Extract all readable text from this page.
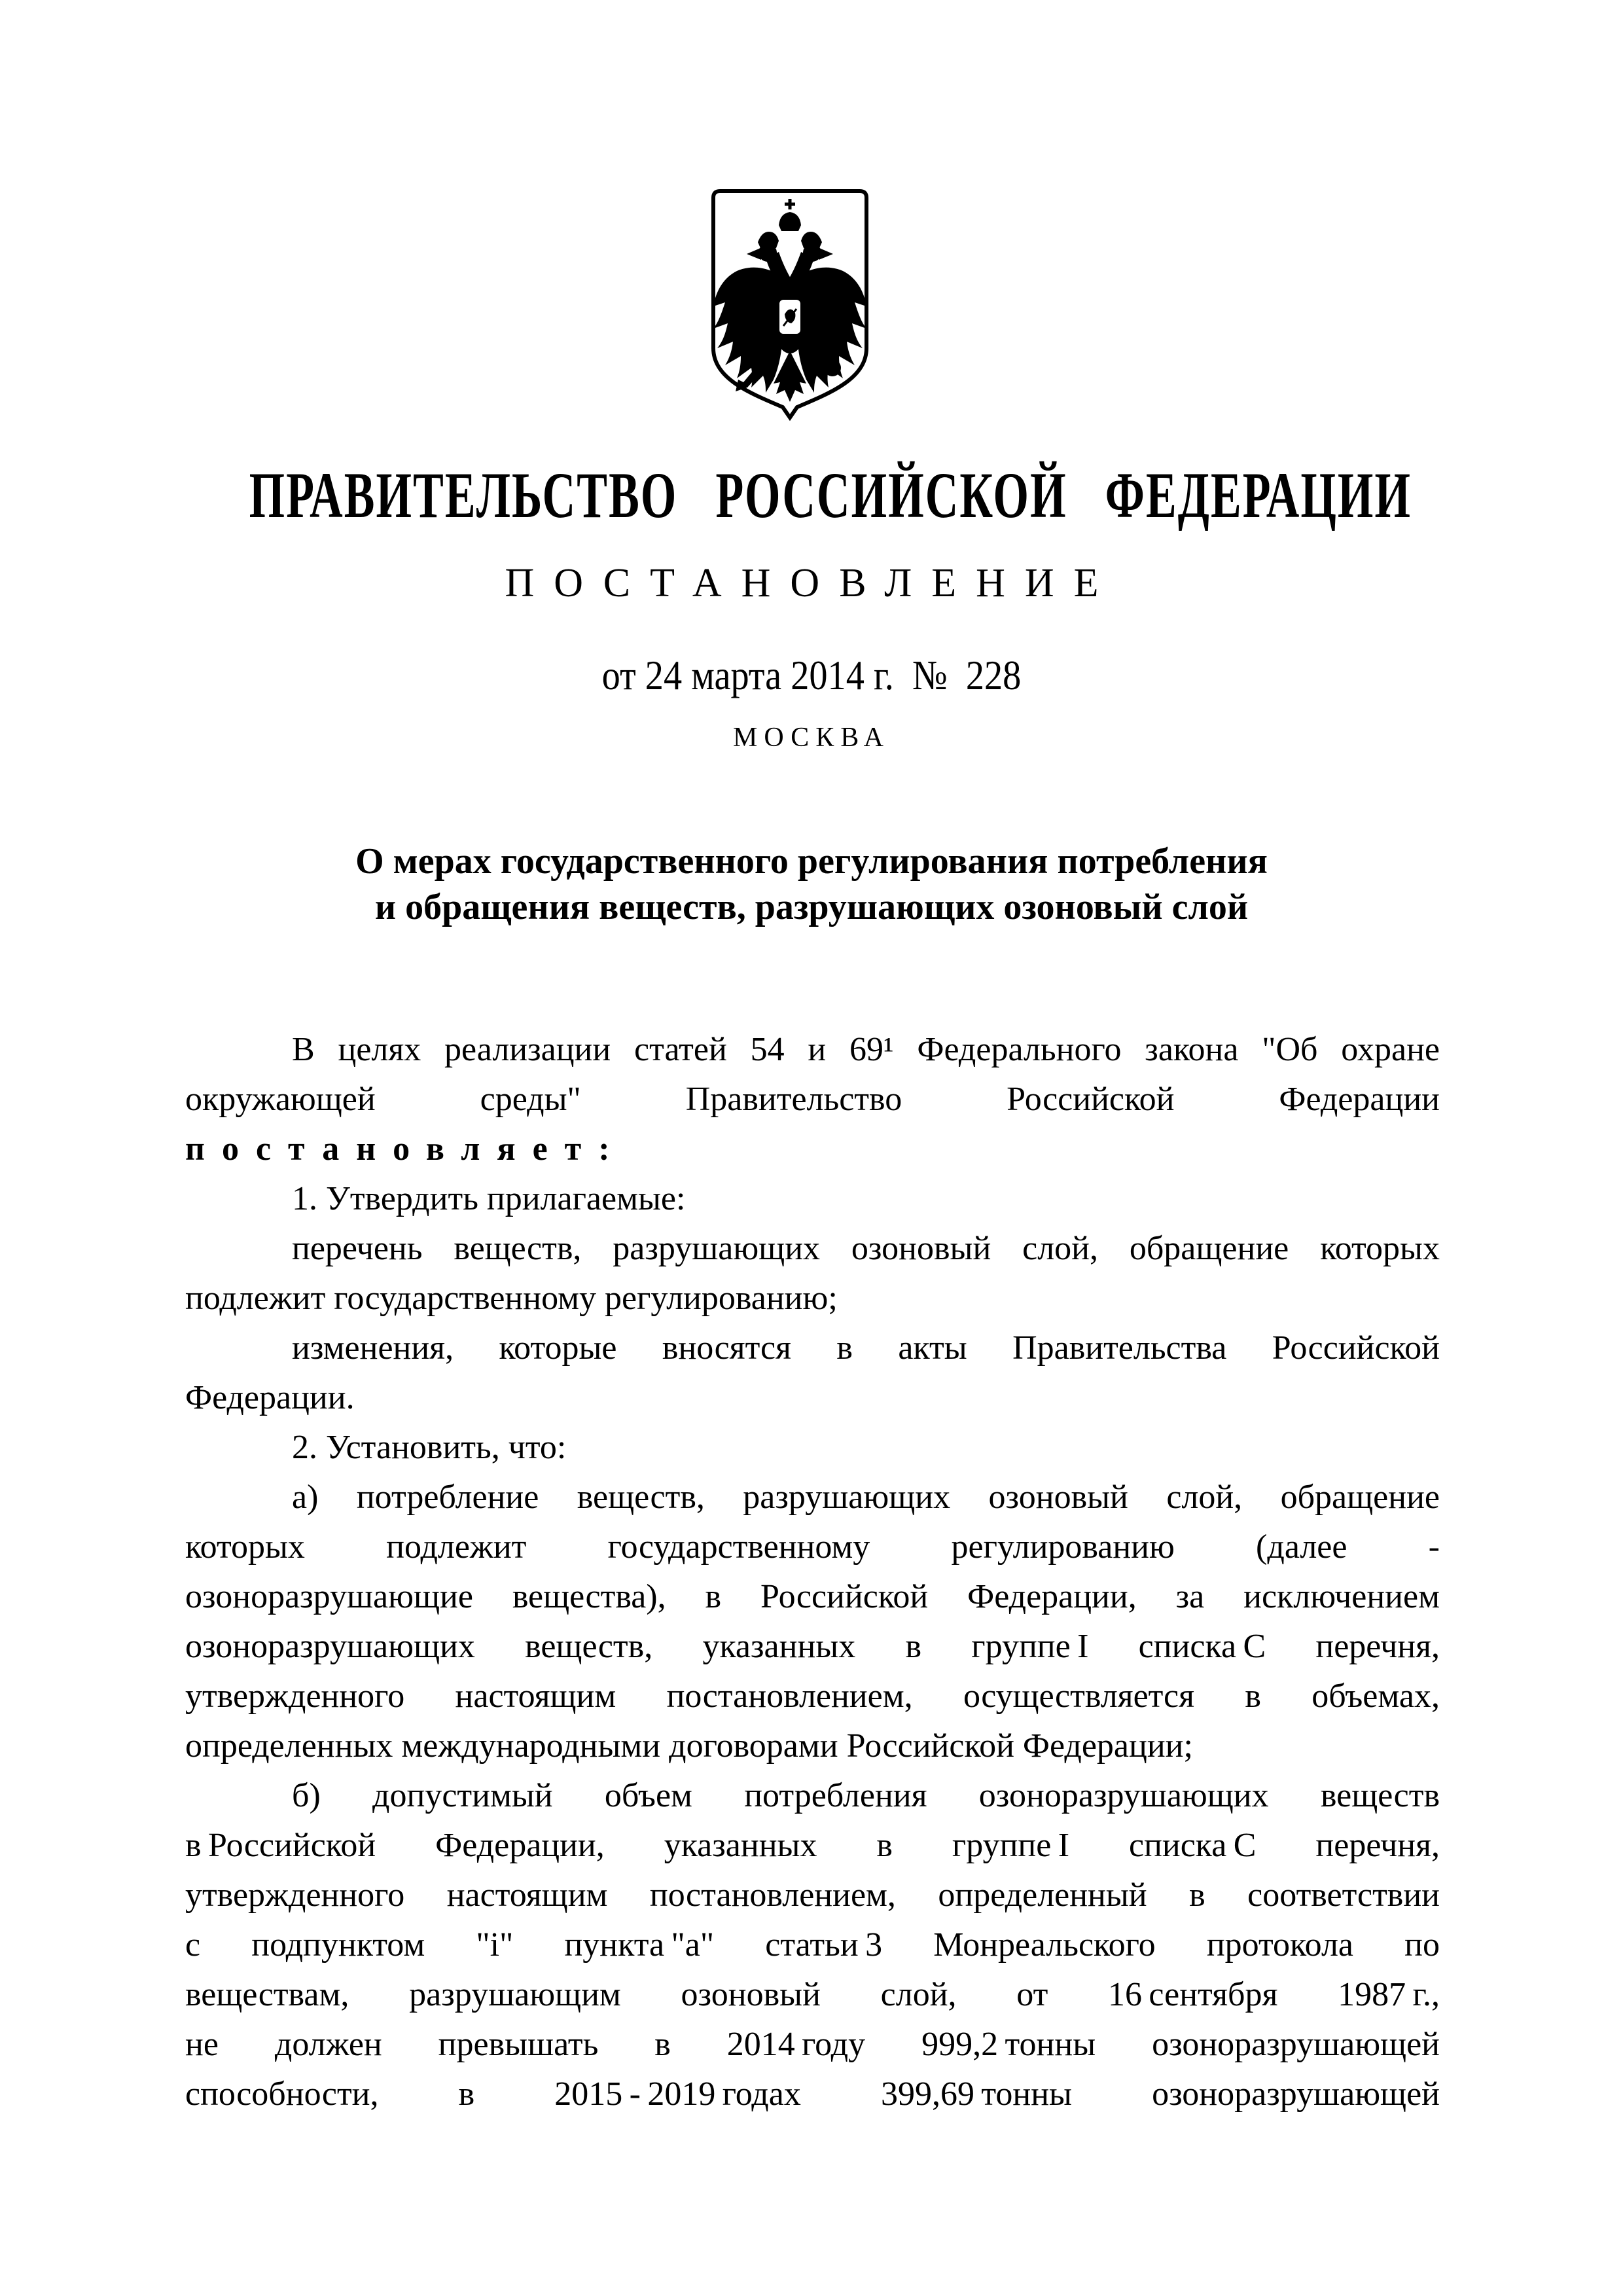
ПРАВИТЕЛЬСТВО РОССИЙСКОЙ ФЕДЕРАЦИИ
ПОСТАНОВЛЕНИЕ
от 24 марта 2014 г.  №  228
МОСКВА
О мерах государственного регулирования потребления
и обращения веществ, разрушающих озоновый слой
В целях реализации статей 54 и 69¹ Федерального закона "Об охране
окружающей среды" Правительство Российской Федерации
постановляет:
1. Утвердить прилагаемые:
перечень веществ, разрушающих озоновый слой, обращение которых
подлежит государственному регулированию;
изменения, которые вносятся в акты Правительства Российской
Федерации.
2. Установить, что:
а) потребление веществ, разрушающих озоновый слой, обращение
которых подлежит государственному регулированию (далее -
озоноразрушающие вещества), в Российской Федерации, за исключением
озоноразрушающих веществ, указанных в группе I списка С перечня,
утвержденного настоящим постановлением, осуществляется в объемах,
определенных международными договорами Российской Федерации;
б) допустимый объем потребления озоноразрушающих веществ
в Российской Федерации, указанных в группе I списка С перечня,
утвержденного настоящим постановлением, определенный в соответствии
с подпунктом "i" пункта "а" статьи 3 Монреальского протокола по
веществам, разрушающим озоновый слой, от 16 сентября 1987 г.,
не должен превышать в 2014 году 999,2 тонны озоноразрушающей
способности, в 2015 - 2019 годах 399,69 тонны озоноразрушающей
